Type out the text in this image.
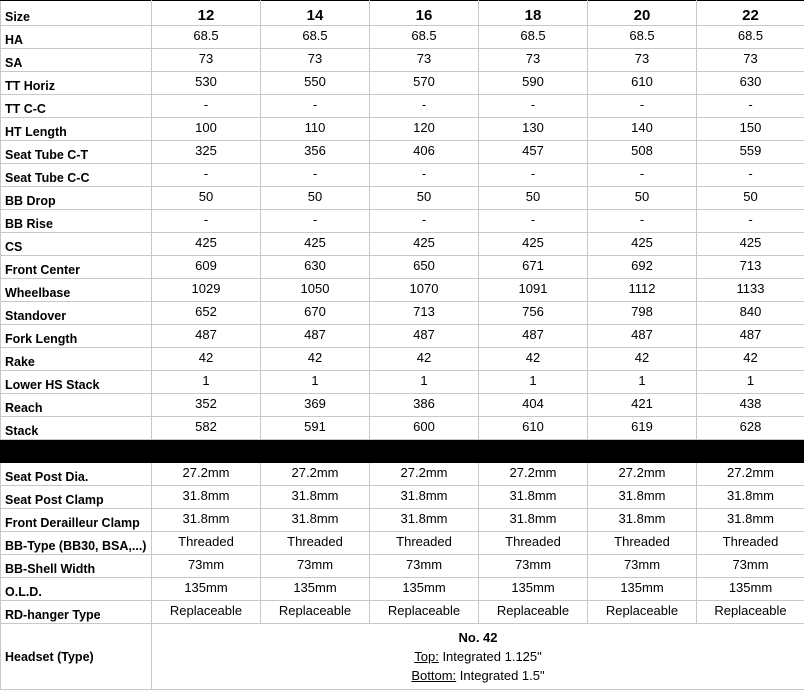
Size	12	14	16	18	20	22
HA	68.5	68.5	68.5	68.5	68.5	68.5
SA	73	73	73	73	73	73
TT Horiz	530	550	570	590	610	630
TT C-C	-	-	-	-	-	-
HT Length	100	110	120	130	140	150
Seat Tube C-T	325	356	406	457	508	559
Seat Tube C-C	-	-	-	-	-	-
BB Drop	50	50	50	50	50	50
BB Rise	-	-	-	-	-	-
CS	425	425	425	425	425	425
Front Center	609	630	650	671	692	713
Wheelbase	1029	1050	1070	1091	1112	1133
Standover	652	670	713	756	798	840
Fork Length	487	487	487	487	487	487
Rake	42	42	42	42	42	42
Lower HS Stack	1	1	1	1	1	1
Reach	352	369	386	404	421	438
Stack	582	591	600	610	619	628

Seat Post Dia.	27.2mm	27.2mm	27.2mm	27.2mm	27.2mm	27.2mm
Seat Post Clamp	31.8mm	31.8mm	31.8mm	31.8mm	31.8mm	31.8mm
Front Derailleur Clamp	31.8mm	31.8mm	31.8mm	31.8mm	31.8mm	31.8mm
BB-Type (BB30, BSA,...)	Threaded	Threaded	Threaded	Threaded	Threaded	Threaded
BB-Shell Width	73mm	73mm	73mm	73mm	73mm	73mm
O.L.D.	135mm	135mm	135mm	135mm	135mm	135mm
RD-hanger Type	Replaceable	Replaceable	Replaceable	Replaceable	Replaceable	Replaceable
Headset (Type)	No. 42
Top: Integrated 1.125"
Bottom: Integrated 1.5"					
